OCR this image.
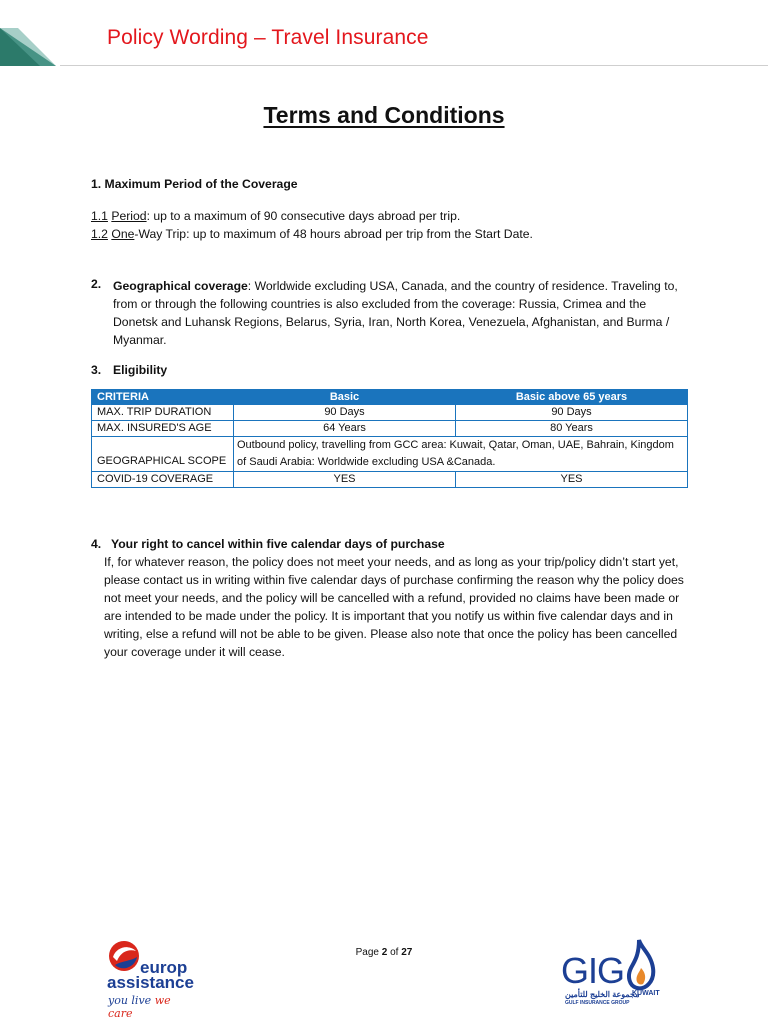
Policy Wording – Travel Insurance
Terms and Conditions
1. Maximum Period of the Coverage
1.1 Period: up to a maximum of 90 consecutive days abroad per trip.
1.2 One-Way Trip: up to maximum of 48 hours abroad per trip from the Start Date.
2. Geographical coverage: Worldwide excluding USA, Canada, and the country of residence. Traveling to, from or through the following countries is also excluded from the coverage: Russia, Crimea and the Donetsk and Luhansk Regions, Belarus, Syria, Iran, North Korea, Venezuela, Afghanistan, and Burma / Myanmar.
3. Eligibility
CRITERIA	Basic	Basic above 65 years
MAX. TRIP DURATION	90 Days	90 Days
MAX. INSURED'S AGE	64 Years	80 Years
GEOGRAPHICAL SCOPE	Outbound policy, travelling from GCC area: Kuwait, Qatar, Oman, UAE, Bahrain, Kingdom of Saudi Arabia: Worldwide excluding USA &Canada.	
COVID-19 COVERAGE	YES	YES
4. Your right to cancel within five calendar days of purchase
If, for whatever reason, the policy does not meet your needs, and as long as your trip/policy didn’t start yet, please contact us in writing within five calendar days of purchase confirming the reason why the policy does not meet your needs, and the policy will be cancelled with a refund, provided no claims have been made or are intended to be made under the policy. It is important that you notify us within five calendar days and in writing, else a refund will not be able to be given. Please also note that once the policy has been cancelled your coverage under it will cease.
europ
assistance
you live we care
Page 2 of 27	GIG
مجموعة الخليج للتأمين
KUWAIT
GULF INSURANCE GROUP
